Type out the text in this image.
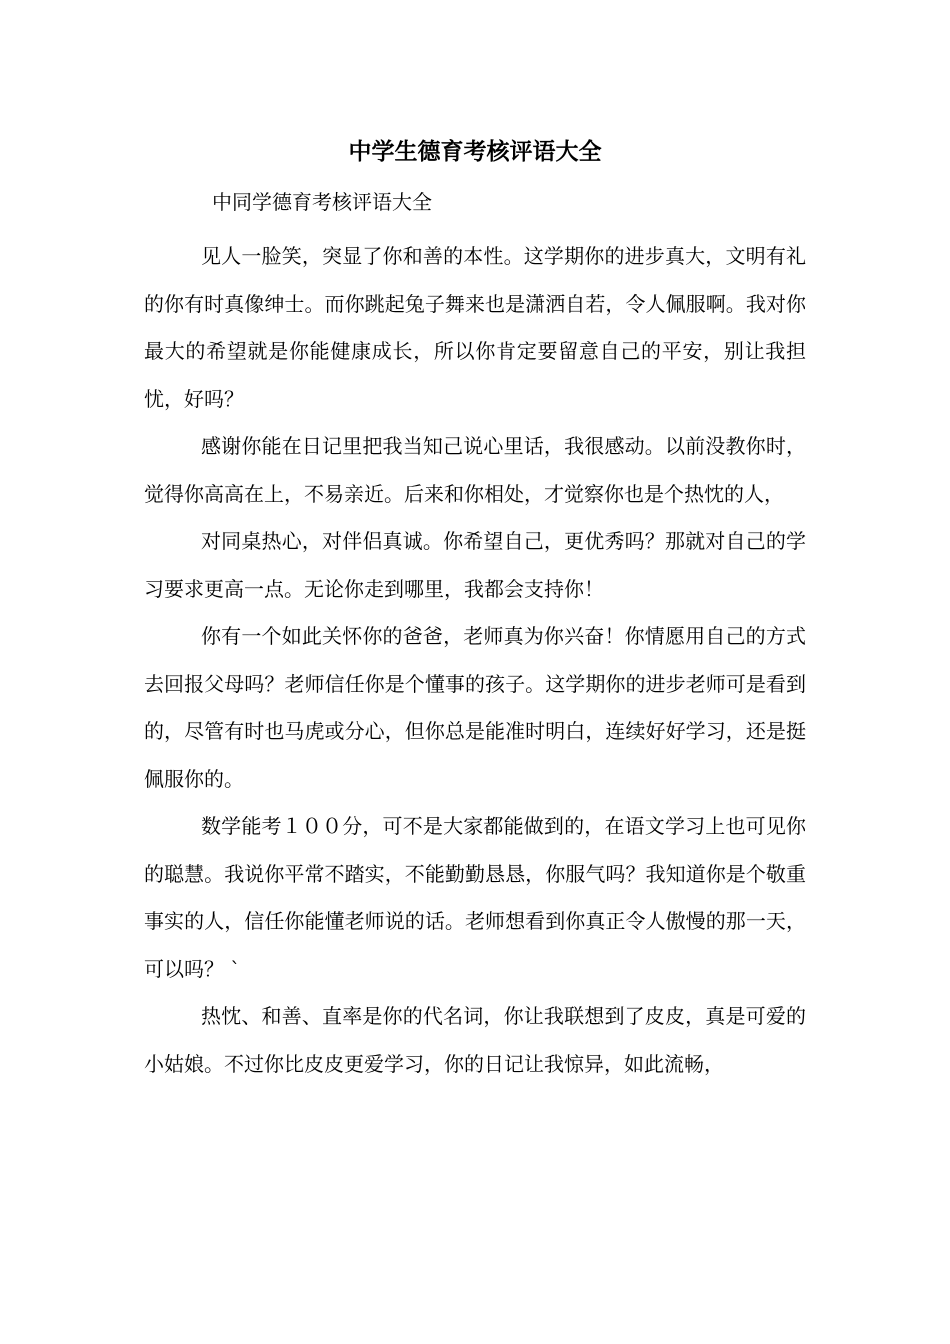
中学生德育考核评语大全
中同学德育考核评语大全

见人一脸笑，突显了你和善的本性。这学期你的进步真大，文明有礼的你有时真像绅士。而你跳起兔子舞来也是潇洒自若，令人佩服啊。我对你最大的希望就是你能健康成长，所以你肯定要留意自己的平安，别让我担忧，好吗？

感谢你能在日记里把我当知己说心里话，我很感动。以前没教你时，觉得你高高在上，不易亲近。后来和你相处，才觉察你也是个热忱的人，

对同桌热心，对伴侣真诚。你希望自己，更优秀吗？那就对自己的学习要求更高一点。无论你走到哪里，我都会支持你！

你有一个如此关怀你的爸爸，老师真为你兴奋！你情愿用自己的方式去回报父母吗？老师信任你是个懂事的孩子。这学期你的进步老师可是看到的，尽管有时也马虎或分心，但你总是能准时明白，连续好好学习，还是挺佩服你的。

数学能考１００分，可不是大家都能做到的，在语文学习上也可见你的聪慧。我说你平常不踏实，不能勤勤恳恳，你服气吗？我知道你是个敬重事实的人，信任你能懂老师说的话。老师想看到你真正令人傲慢的那一天，可以吗？ `

热忱、和善、直率是你的代名词，你让我联想到了皮皮，真是可爱的小姑娘。不过你比皮皮更爱学习，你的日记让我惊异，如此流畅，
